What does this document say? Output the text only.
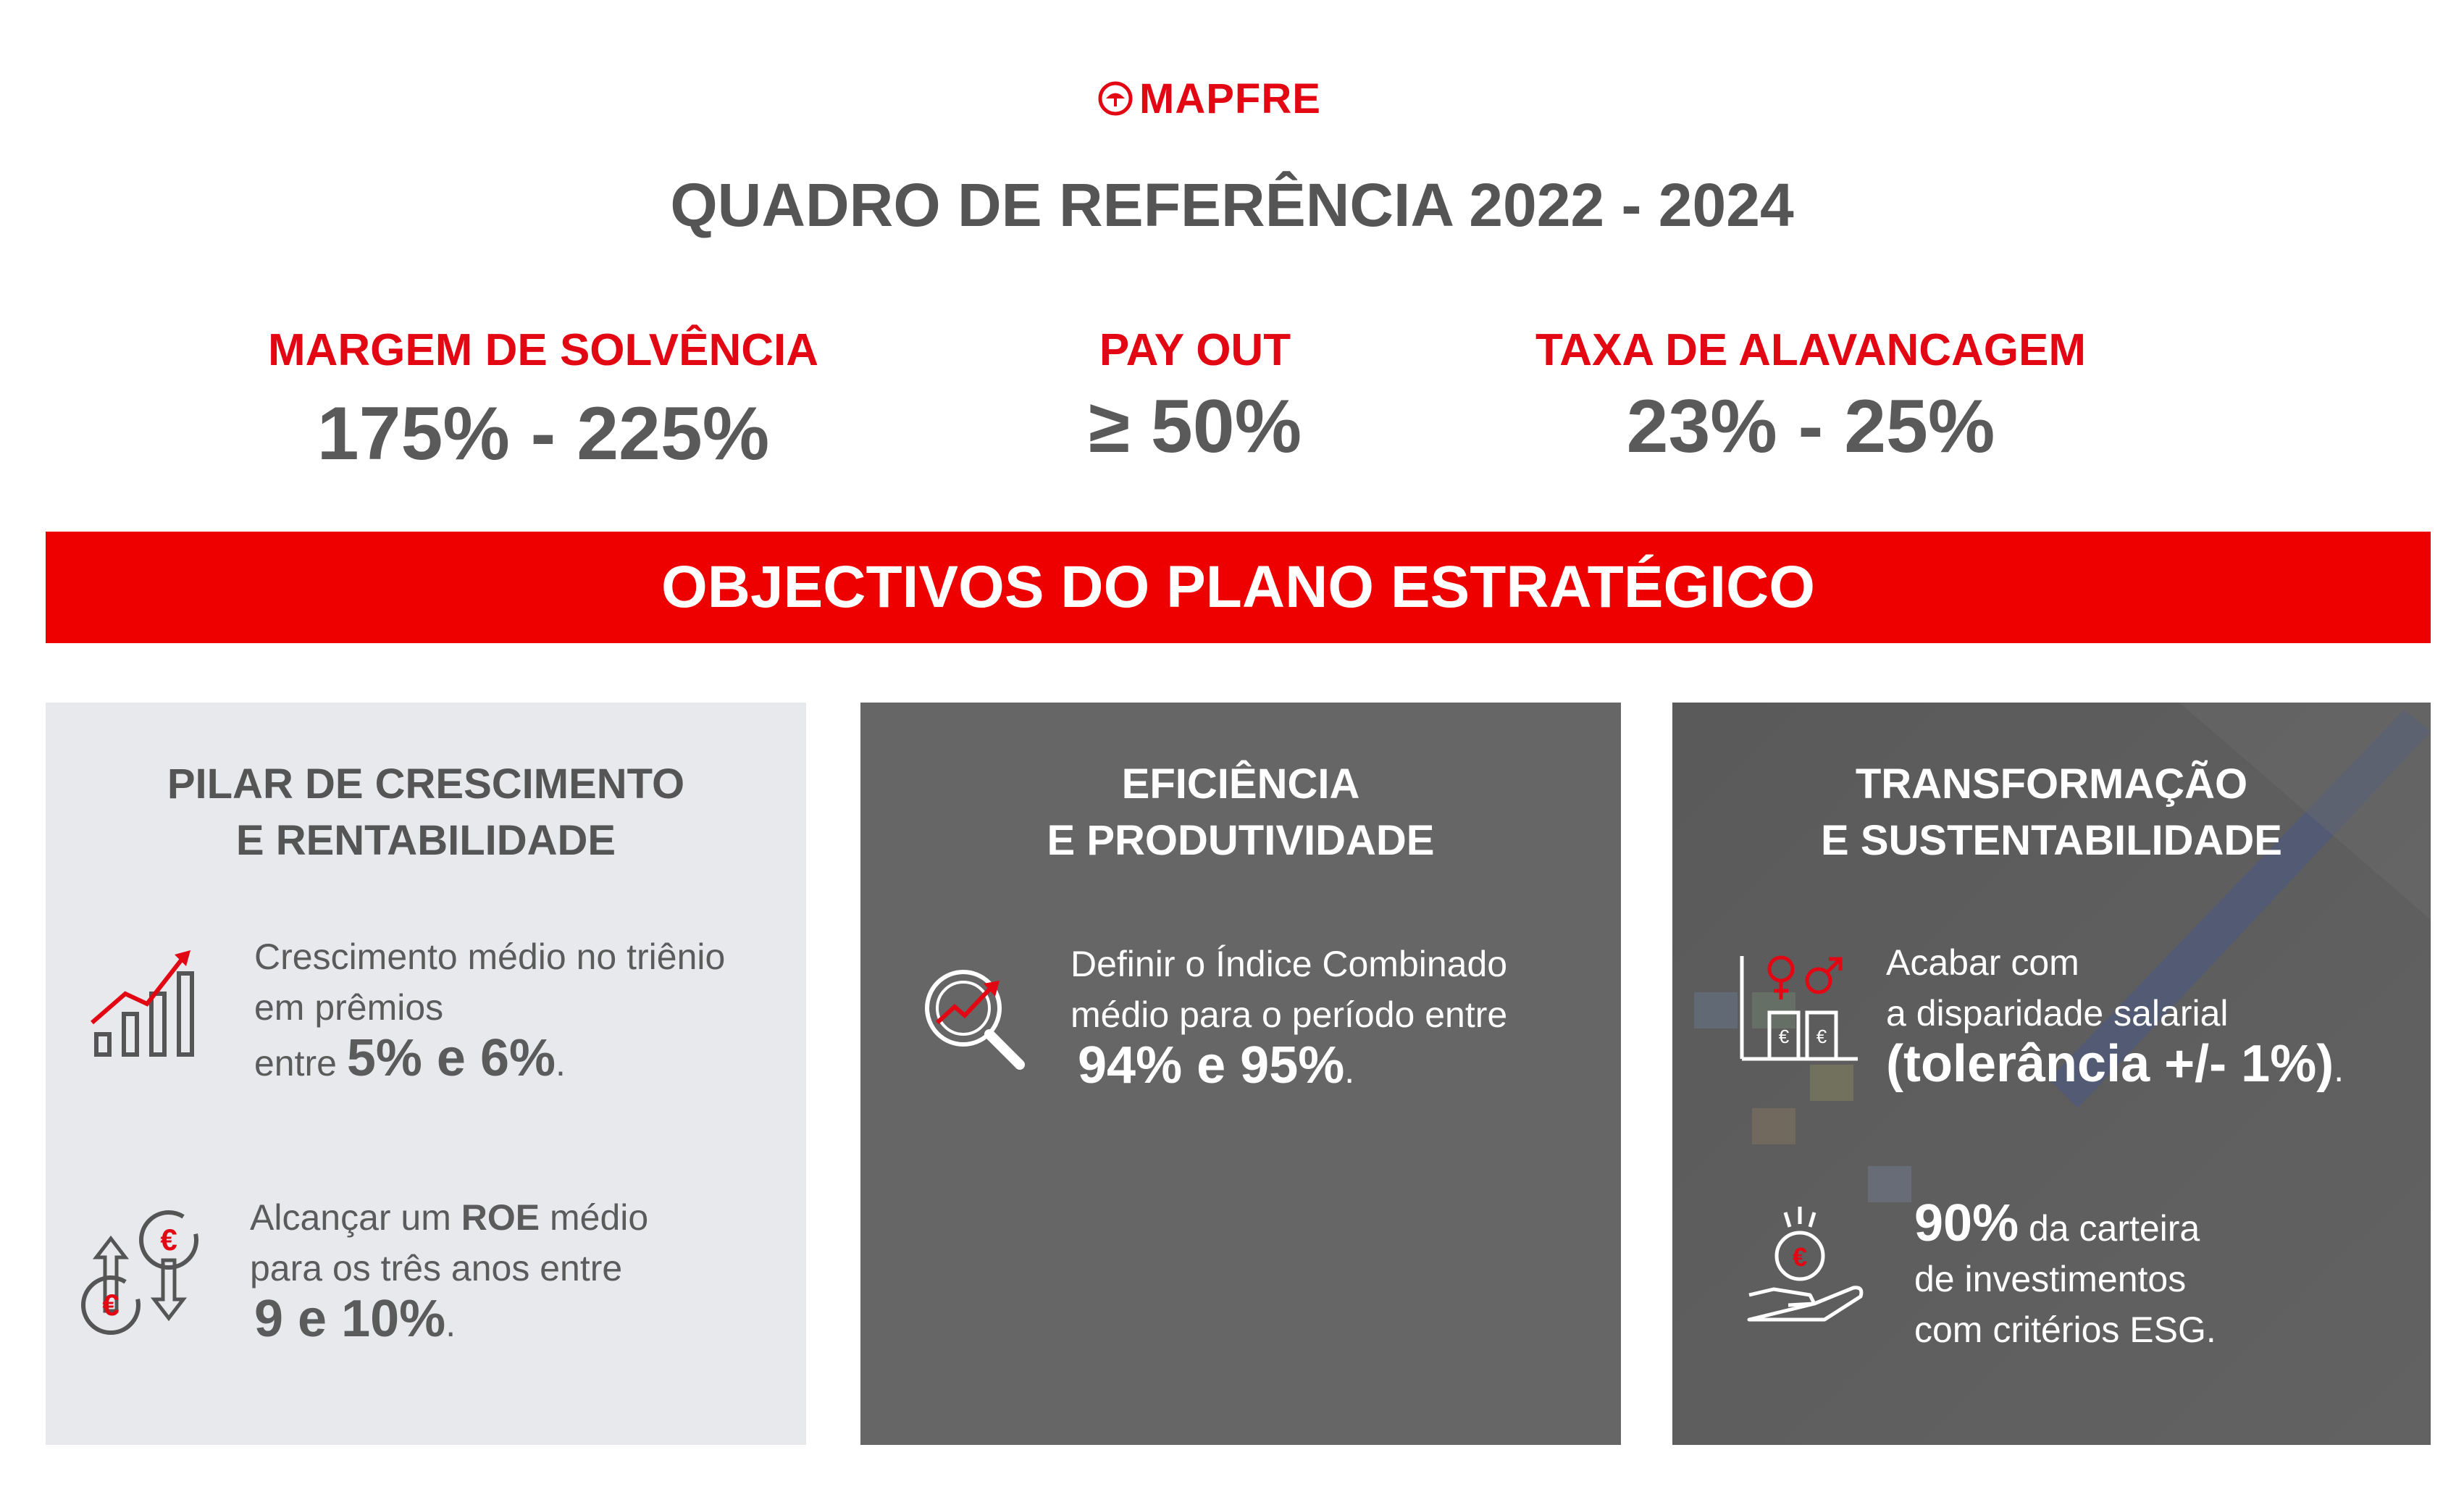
MAPFRE
QUADRO DE REFERÊNCIA 2022 - 2024
MARGEM DE SOLVÊNCIA
175% - 225%
PAY OUT
≥ 50%
TAXA DE ALAVANCAGEM
23% - 25%
OBJECTIVOS DO PLANO ESTRATÉGICO
PILAR DE CRESCIMENTO
E RENTABILIDADE
Crescimento médio no triênio
em prêmios
entre 5% e 6%.
€
€
Alcançar um ROE médio
para os três anos entre
9 e 10%.
EFICIÊNCIA
E PRODUTIVIDADE
Definir o Índice Combinado
médio para o período entre
94% e 95%.
TRANSFORMAÇÃO
E SUSTENTABILIDADE
€ €
Acabar com
a disparidade salarial
(tolerância +/- 1%).
€
90% da carteira
de investimentos
com critérios ESG.
